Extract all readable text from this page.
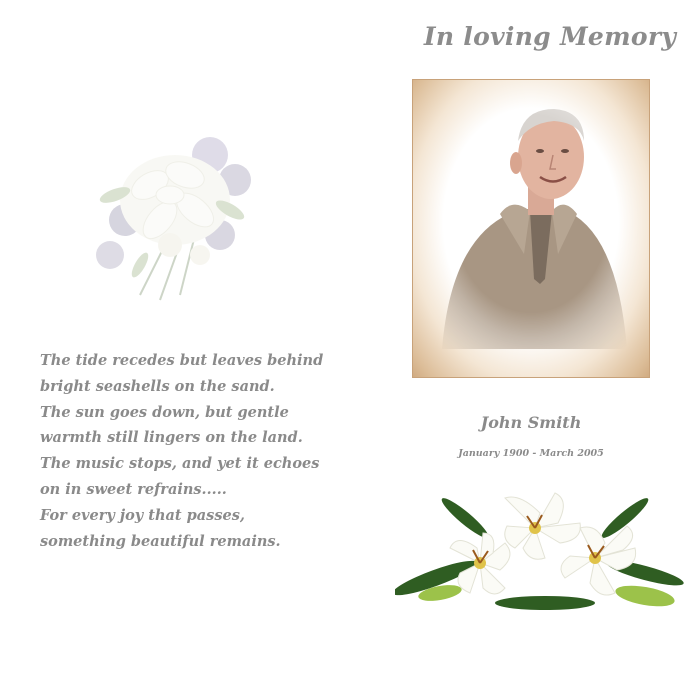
The tide recedes but leaves behind
bright seashells on the sand.
The sun goes down, but gentle
warmth still lingers on the land.
The music stops, and yet it echoes
on in sweet refrains.....
For every joy that passes,
something beautiful remains.
In loving Memory
John Smith
January 1900 - March 2005
